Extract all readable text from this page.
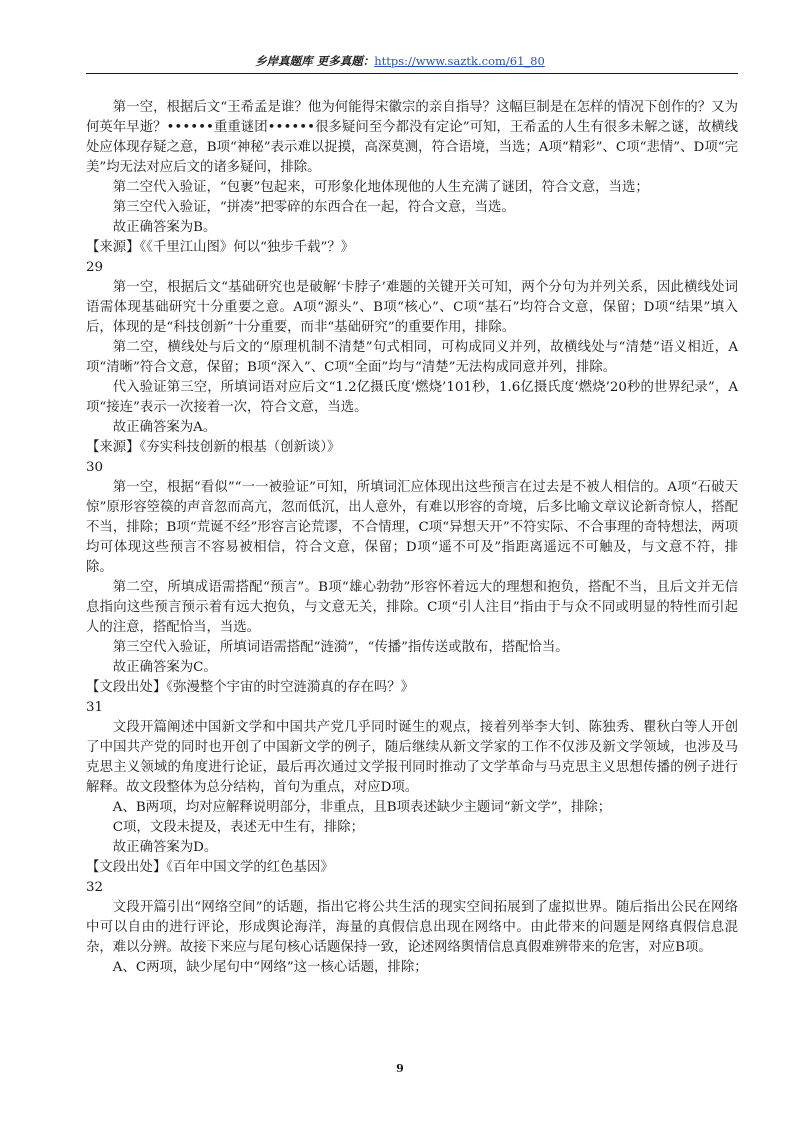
乡岸真题库 更多真题：https://www.saztk.com/61_80

第一空，根据后文“王希孟是谁？他为何能得宋徽宗的亲自指导？这幅巨制是在怎样的情况下创作的？又为何英年早逝？••••••重重谜团••••••很多疑问至今都没有定论”可知，王希孟的人生有很多未解之谜，故横线处应体现存疑之意，B项“神秘”表示难以捉摸，高深莫测，符合语境，当选；A项“精彩”、C项“悲情”、D项“完美”均无法对应后文的诸多疑问，排除。

第二空代入验证，“包裹”包起来，可形象化地体现他的人生充满了谜团，符合文意，当选；

第三空代入验证，“拼凑”把零碎的东西合在一起，符合文意，当选。

故正确答案为B。

【来源】《《千里江山图》何以“独步千载”？》

29

第一空，根据后文“基础研究也是破解‘卡脖子’难题的关键开关可知，两个分句为并列关系，因此横线处词语需体现基础研究十分重要之意。A项“源头”、B项“核心”、C项“基石”均符合文意，保留；D项“结果”填入后，体现的是“科技创新”十分重要，而非“基础研究”的重要作用，排除。

第二空，横线处与后文的“原理机制不清楚”句式相同，可构成同义并列，故横线处与“清楚”语义相近，A项“清晰”符合文意，保留；B项“深入”、C项“全面”均与“清楚”无法构成同意并列，排除。

代入验证第三空，所填词语对应后文“1.2亿摄氏度‘燃烧’101秒，1.6亿摄氏度‘燃烧’20秒的世界纪录”，A项“接连”表示一次接着一次，符合文意，当选。

故正确答案为A。

【来源】《夯实科技创新的根基（创新谈）》

30

第一空，根据“看似”“一一被验证”可知，所填词汇应体现出这些预言在过去是不被人相信的。A项“石破天惊”原形容箜篌的声音忽而高亢，忽而低沉，出人意外，有难以形容的奇境，后多比喻文章议论新奇惊人，搭配不当，排除；B项“荒诞不经”形容言论荒谬，不合情理，C项“异想天开”不符实际、不合事理的奇特想法，两项均可体现这些预言不容易被相信，符合文意，保留；D项“遥不可及”指距离遥远不可触及，与文意不符，排除。

第二空，所填成语需搭配“预言”。B项“雄心勃勃”形容怀着远大的理想和抱负，搭配不当，且后文并无信息指向这些预言预示着有远大抱负，与文意无关，排除。C项“引人注目”指由于与众不同或明显的特性而引起人的注意，搭配恰当，当选。

第三空代入验证，所填词语需搭配“涟漪”，“传播”指传送或散布，搭配恰当。

故正确答案为C。

【文段出处】《弥漫整个宇宙的时空涟漪真的存在吗？》

31

文段开篇阐述中国新文学和中国共产党几乎同时诞生的观点，接着列举李大钊、陈独秀、瞿秋白等人开创了中国共产党的同时也开创了中国新文学的例子，随后继续从新文学家的工作不仅涉及新文学领域，也涉及马克思主义领域的角度进行论证，最后再次通过文学报刊同时推动了文学革命与马克思主义思想传播的例子进行解释。故文段整体为总分结构，首句为重点，对应D项。

A、B两项，均对应解释说明部分，非重点，且B项表述缺少主题词“新文学”，排除；

C项，文段未提及，表述无中生有，排除；

故正确答案为D。

【文段出处】《百年中国文学的红色基因》

32

文段开篇引出“网络空间”的话题，指出它将公共生活的现实空间拓展到了虚拟世界。随后指出公民在网络中可以自由的进行评论，形成舆论海洋，海量的真假信息出现在网络中。由此带来的问题是网络真假信息混杂，难以分辨。故接下来应与尾句核心话题保持一致，论述网络舆情信息真假难辨带来的危害，对应B项。

A、C两项，缺少尾句中“网络”这一核心话题，排除；

9
